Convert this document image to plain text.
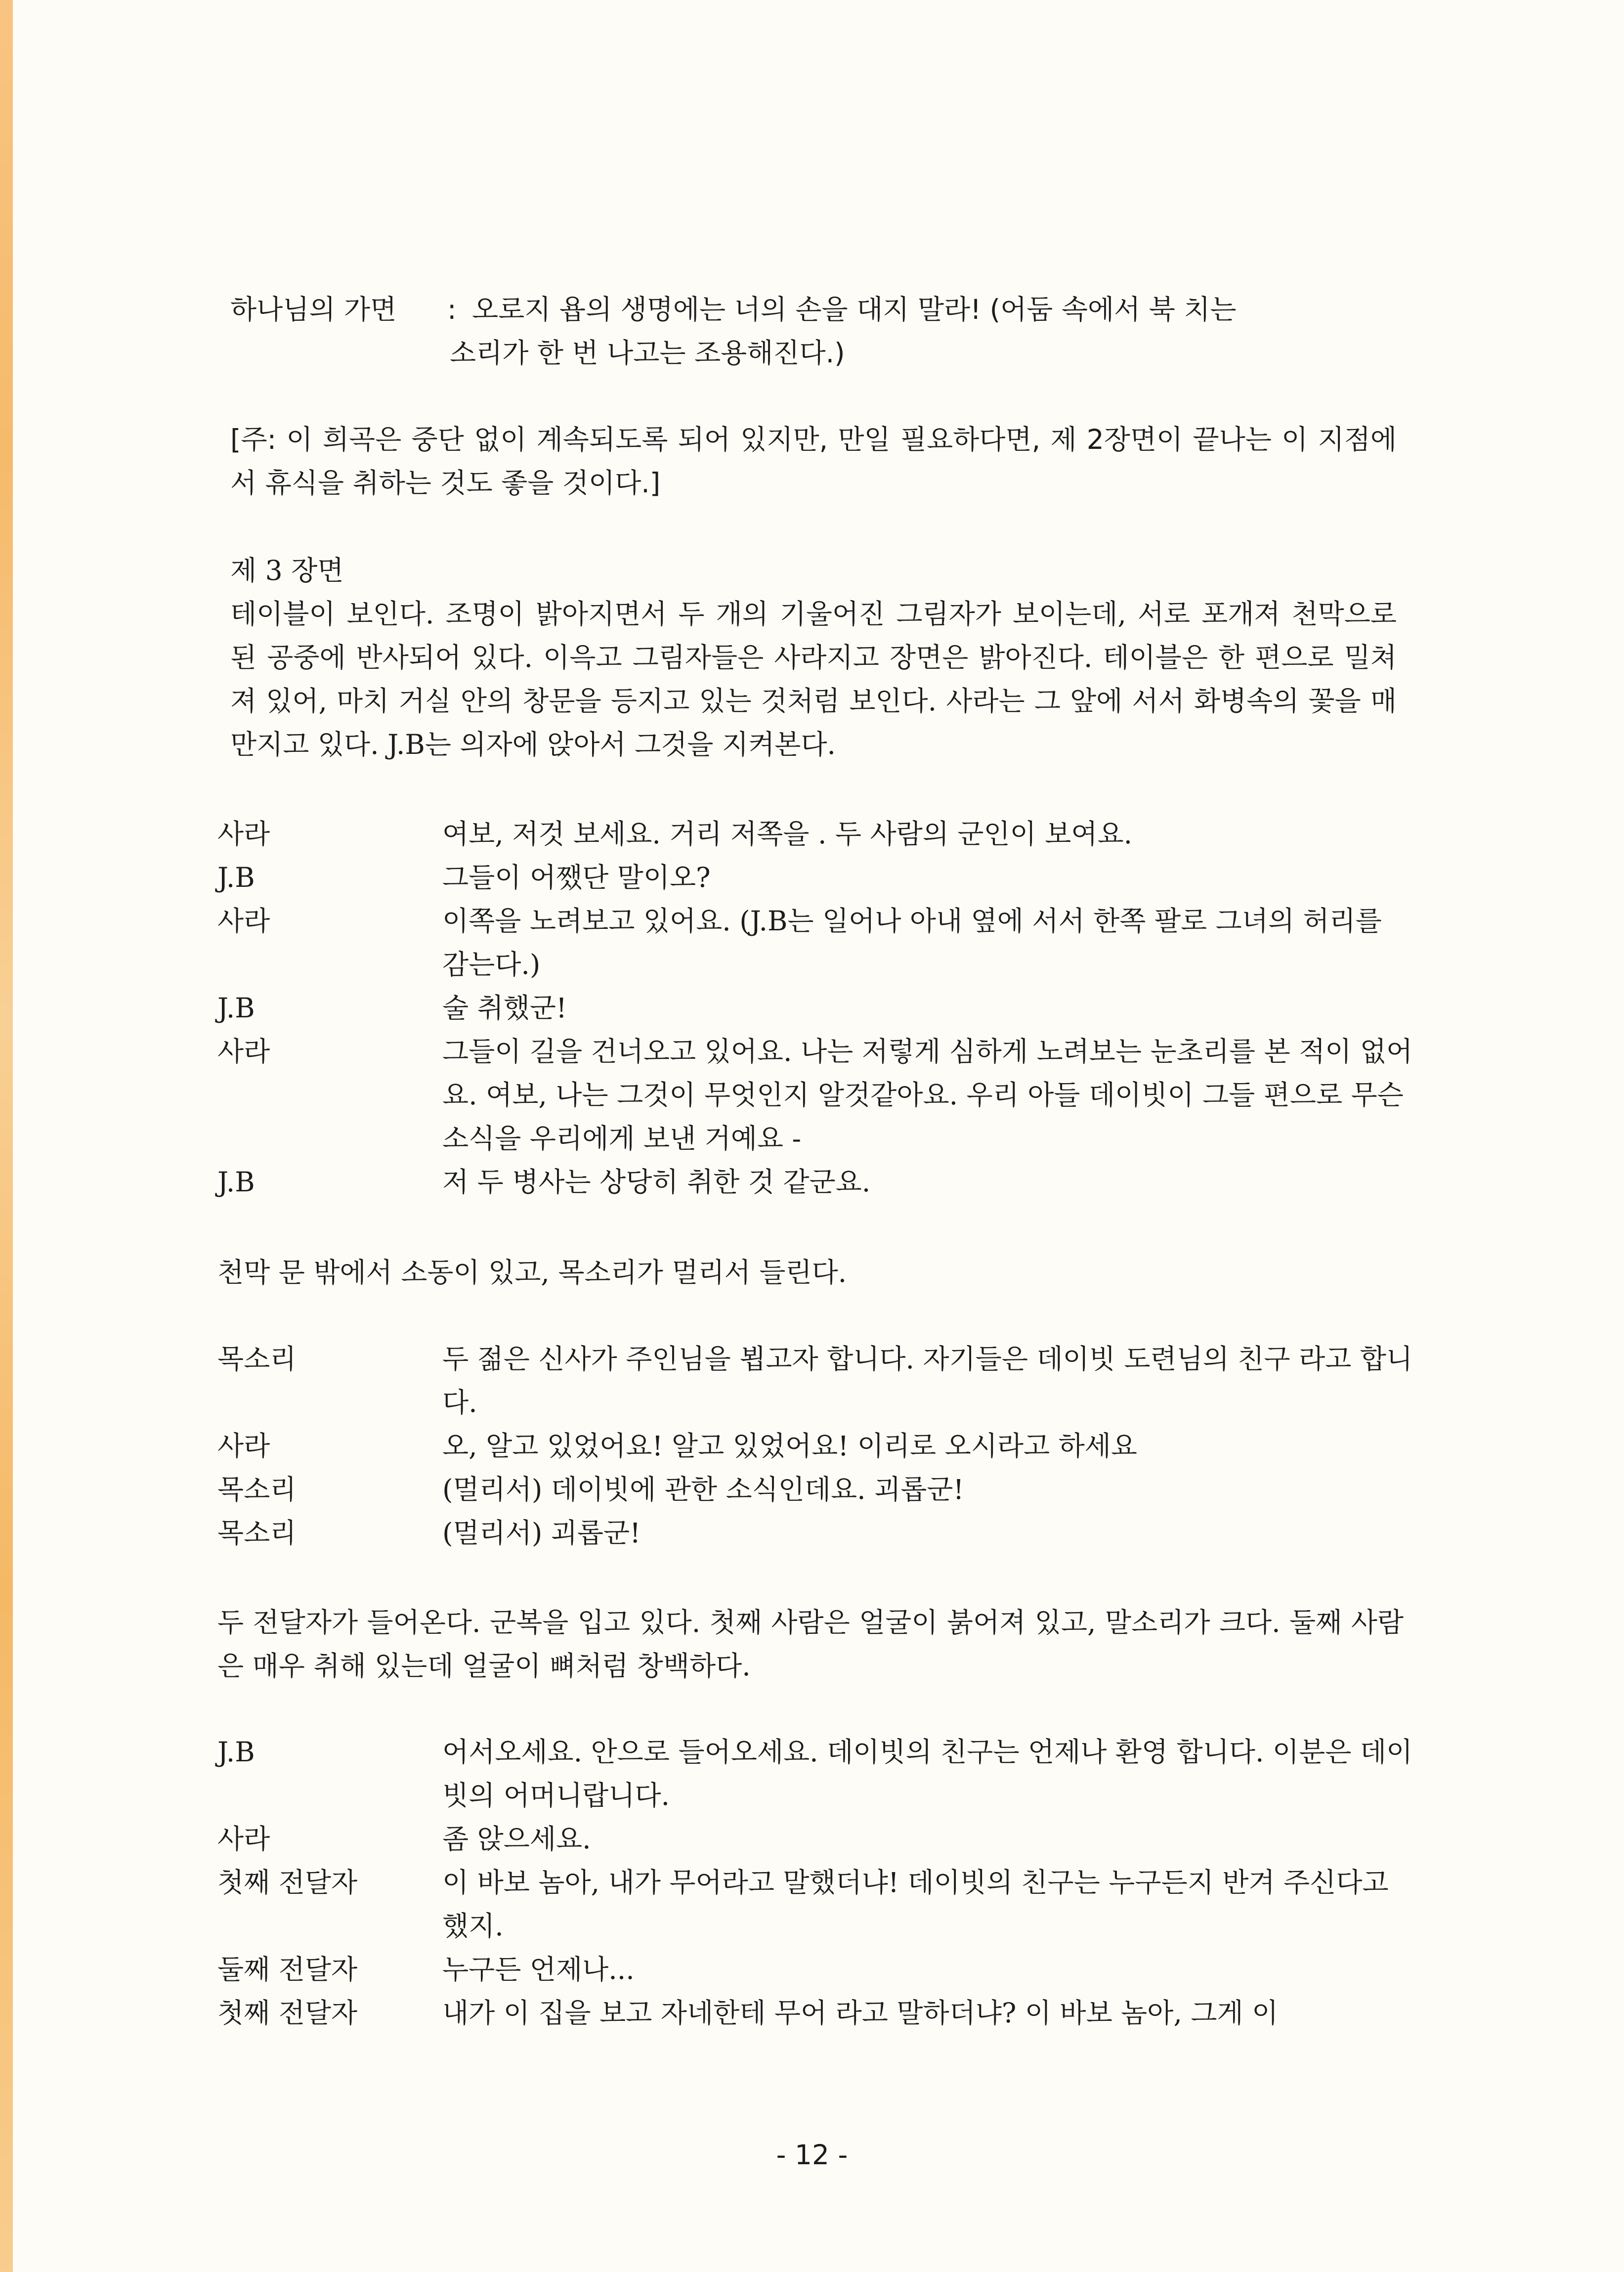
하나님의 가면 : 오로지 욥의 생명에는 너의 손을 대지 말라! (어둠 속에서 북 치는
소리가 한 번 나고는 조용해진다.)
[주: 이 희곡은 중단 없이 계속되도록 되어 있지만, 만일 필요하다면, 제 2장면이 끝나는 이 지점에서 휴식을 취하는 것도 좋을 것이다.]
제 3 장면
테이블이 보인다. 조명이 밝아지면서 두 개의 기울어진 그림자가 보이는데, 서로 포개져 천막으로 된 공중에 반사되어 있다. 이윽고 그림자들은 사라지고 장면은 밝아진다. 테이블은 한 편으로 밀쳐져 있어, 마치 거실 안의 창문을 등지고 있는 것처럼 보인다. 사라는 그 앞에 서서 화병속의 꽃을 매만지고 있다. J.B는 의자에 앉아서 그것을 지켜본다.
사라	여보, 저것 보세요. 거리 저쪽을 . 두 사람의 군인이 보여요.
J.B	그들이 어쨌단 말이오?
사라	이쪽을 노려보고 있어요. (J.B는 일어나 아내 옆에 서서 한쪽 팔로 그녀의 허리를 감는다.)
J.B	술 취했군!
사라	그들이 길을 건너오고 있어요. 나는 저렇게 심하게 노려보는 눈초리를 본 적이 없어요. 여보, 나는 그것이 무엇인지 알것같아요. 우리 아들 데이빗이 그들 편으로 무슨 소식을 우리에게 보낸 거예요 -
J.B	저 두 병사는 상당히 취한 것 같군요.
천막 문 밖에서 소동이 있고, 목소리가 멀리서 들린다.
목소리	두 젊은 신사가 주인님을 뵙고자 합니다. 자기들은 데이빗 도련님의 친구 라고 합니다.
사라	오, 알고 있었어요! 알고 있었어요! 이리로 오시라고 하세요
목소리	(멀리서) 데이빗에 관한 소식인데요. 괴롭군!
목소리	(멀리서) 괴롭군!
두 전달자가 들어온다. 군복을 입고 있다. 첫째 사람은 얼굴이 붉어져 있고, 말소리가 크다. 둘째 사람은 매우 취해 있는데 얼굴이 뼈처럼 창백하다.
J.B	어서오세요. 안으로 들어오세요. 데이빗의 친구는 언제나 환영 합니다. 이분은 데이빗의 어머니랍니다.
사라	좀 앉으세요.
첫째 전달자	이 바보 놈아, 내가 무어라고 말했더냐! 데이빗의 친구는 누구든지 반겨 주신다고 했지.
둘째 전달자	누구든 언제나...
첫째 전달자	내가 이 집을 보고 자네한테 무어 라고 말하더냐? 이 바보 놈아, 그게 이
- 12 -
